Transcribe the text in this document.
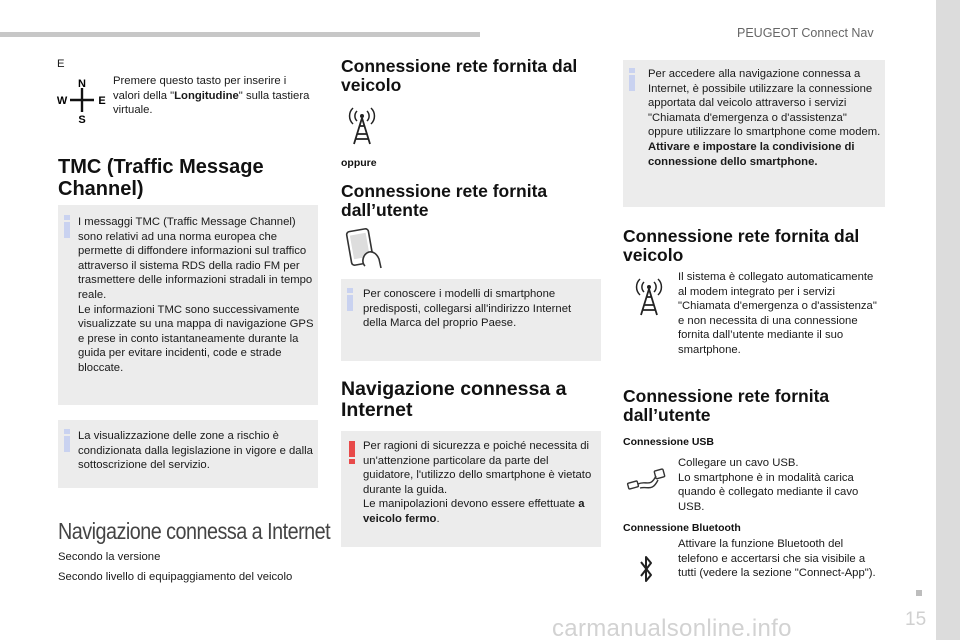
PEUGEOT Connect Nav
15
E
N
W	E
S
Premere questo tasto per inserire i valori della "Longitudine" sulla tastiera virtuale.
TMC (Traffic Message Channel)
I messaggi TMC (Traffic Message Channel) sono relativi ad una norma europea che permette di diffondere informazioni sul traffico attraverso il sistema RDS della radio FM per trasmettere delle informazioni stradali in tempo reale.
Le informazioni TMC sono successivamente visualizzate su una mappa di navigazione GPS e prese in conto istantaneamente durante la guida per evitare incidenti, code e strade bloccate.
La visualizzazione delle zone a rischio è condizionata dalla legislazione in vigore e dalla sottoscrizione del servizio.
Navigazione connessa a Internet
Secondo la versione
Secondo livello di equipaggiamento del veicolo
Connessione rete fornita dal veicolo
oppure
Connessione rete fornita dall’utente
Per conoscere i modelli di smartphone predisposti, collegarsi all'indirizzo Internet della Marca del proprio Paese.
Navigazione connessa a Internet
Per ragioni di sicurezza e poiché necessita di un'attenzione particolare da parte del guidatore, l'utilizzo dello smartphone è vietato durante la guida.
Le manipolazioni devono essere effettuate a veicolo fermo.
Per accedere alla navigazione connessa a Internet, è possibile utilizzare la connessione apportata dal veicolo attraverso i servizi "Chiamata d'emergenza o d'assistenza" oppure utilizzare lo smartphone come modem.
Attivare e impostare la condivisione di connessione dello smartphone.
Connessione rete fornita dal veicolo
Il sistema è collegato automaticamente al modem integrato per i servizi "Chiamata d'emergenza o d'assistenza" e non necessita di una connessione fornita dall’utente mediante il suo smartphone.
Connessione rete fornita dall’utente
Connessione USB
Collegare un cavo USB.
Lo smartphone è in modalità carica quando è collegato mediante il cavo USB.
Connessione Bluetooth
Attivare la funzione Bluetooth del telefono e accertarsi che sia visibile a tutti (vedere la sezione "Connect-App").
carmanualsonline.info
